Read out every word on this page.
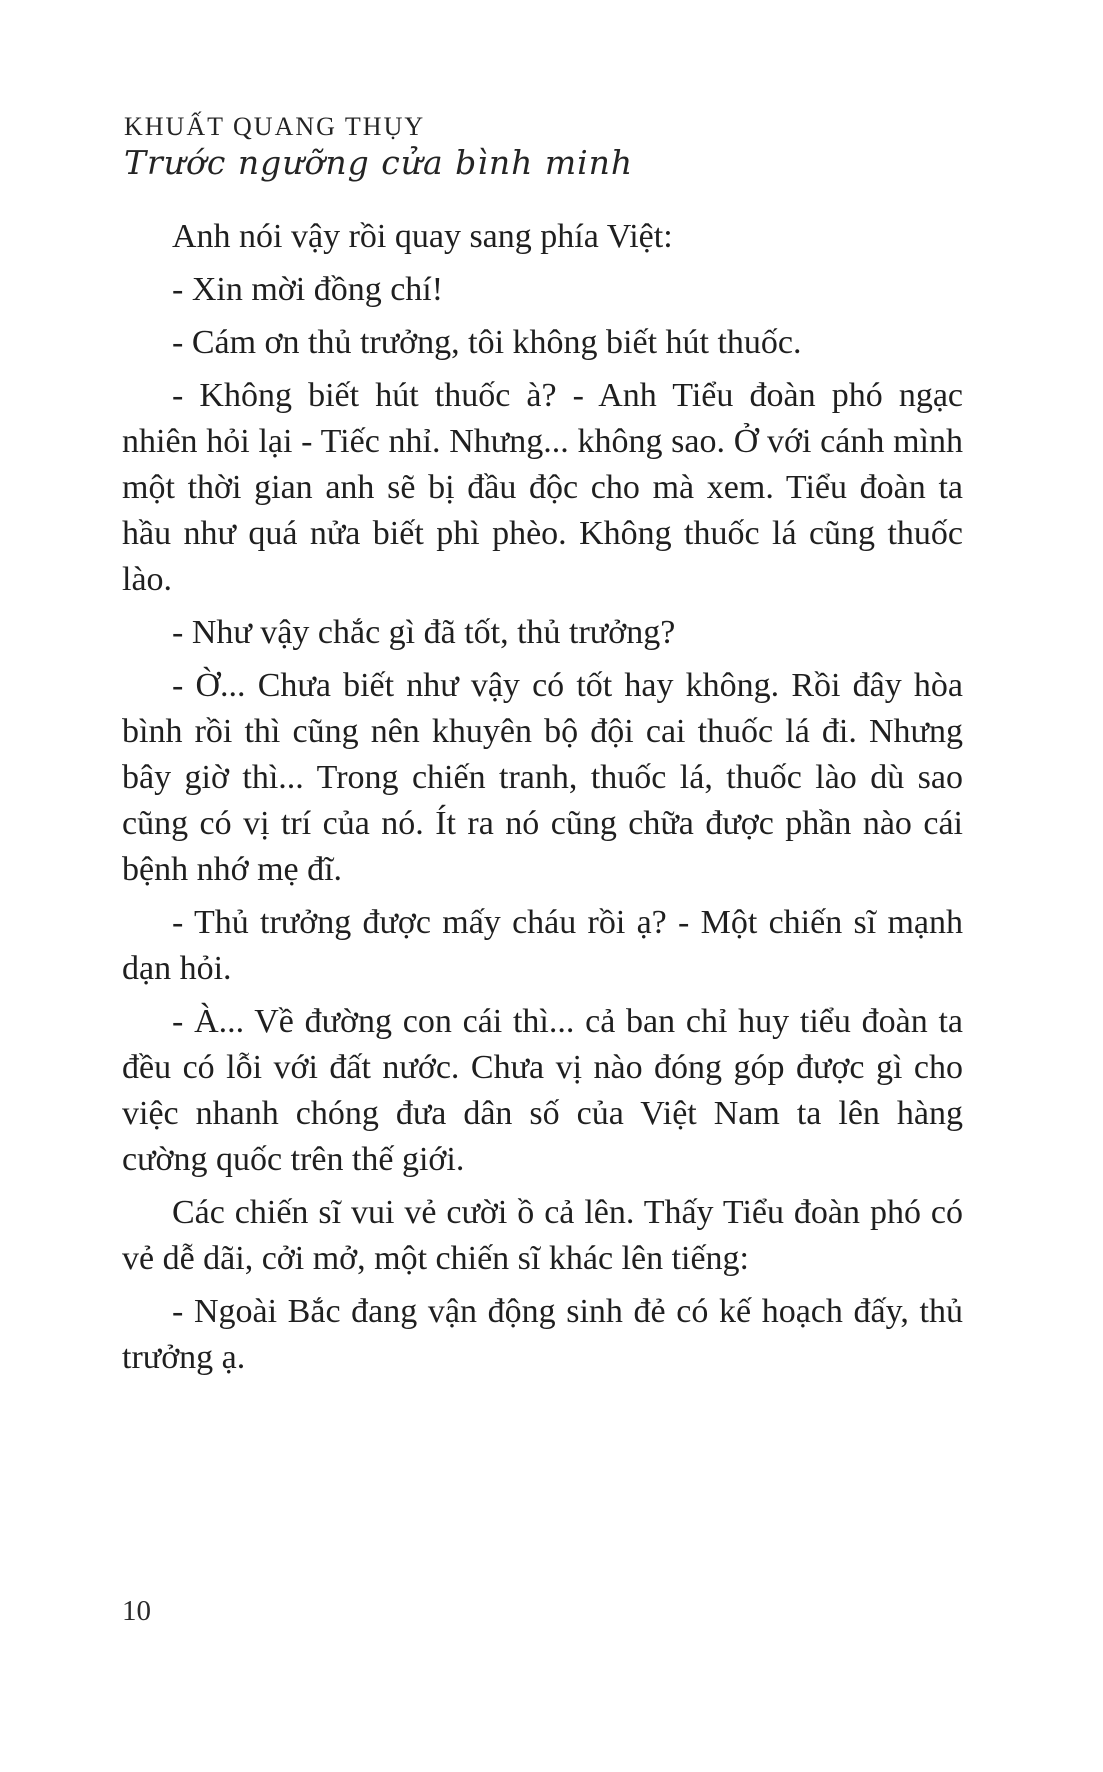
KHUẤT QUANG THỤY
Trước ngưỡng cửa bình minh

Anh nói vậy rồi quay sang phía Việt:

- Xin mời đồng chí!

- Cám ơn thủ trưởng, tôi không biết hút thuốc.

- Không biết hút thuốc à? - Anh Tiểu đoàn phó ngạc nhiên hỏi lại - Tiếc nhỉ. Nhưng... không sao. Ở với cánh mình một thời gian anh sẽ bị đầu độc cho mà xem. Tiểu đoàn ta hầu như quá nửa biết phì phèo. Không thuốc lá cũng thuốc lào.

- Như vậy chắc gì đã tốt, thủ trưởng?

- Ờ... Chưa biết như vậy có tốt hay không. Rồi đây hòa bình rồi thì cũng nên khuyên bộ đội cai thuốc lá đi. Nhưng bây giờ thì... Trong chiến tranh, thuốc lá, thuốc lào dù sao cũng có vị trí của nó. Ít ra nó cũng chữa được phần nào cái bệnh nhớ mẹ đĩ.

- Thủ trưởng được mấy cháu rồi ạ? - Một chiến sĩ mạnh dạn hỏi.

- À... Về đường con cái thì... cả ban chỉ huy tiểu đoàn ta đều có lỗi với đất nước. Chưa vị nào đóng góp được gì cho việc nhanh chóng đưa dân số của Việt Nam ta lên hàng cường quốc trên thế giới.

Các chiến sĩ vui vẻ cười ồ cả lên. Thấy Tiểu đoàn phó có vẻ dễ dãi, cởi mở, một chiến sĩ khác lên tiếng:

- Ngoài Bắc đang vận động sinh đẻ có kế hoạch đấy, thủ trưởng ạ.

10
